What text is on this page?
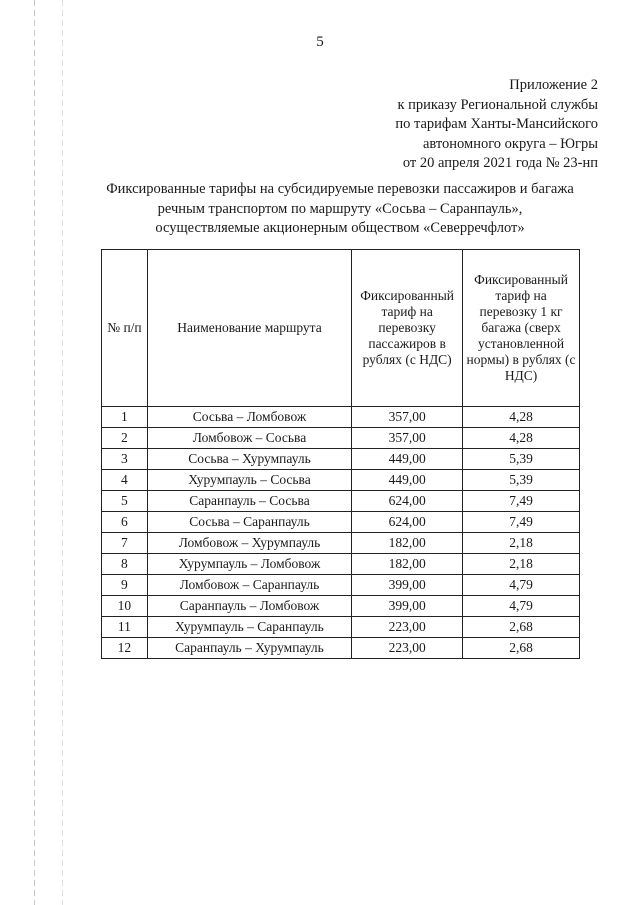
5
Приложение 2
к приказу Региональной службы
по тарифам Ханты-Мансийского
автономного округа – Югры
от 20 апреля 2021 года № 23-нп
Фиксированные тарифы на субсидируемые перевозки пассажиров и багажа
речным транспортом по маршруту «Сосьва – Саранпауль»,
осуществляемые акционерным обществом «Северречфлот»
№ п/п	Наименование маршрута	Фиксированный тариф на перевозку пассажиров в рублях (с НДС)	Фиксированный тариф на перевозку 1 кг багажа (сверх установленной нормы) в рублях (с НДС)
1	Сосьва – Ломбовож	357,00	4,28
2	Ломбовож – Сосьва	357,00	4,28
3	Сосьва – Хурумпауль	449,00	5,39
4	Хурумпауль – Сосьва	449,00	5,39
5	Саранпауль – Сосьва	624,00	7,49
6	Сосьва – Саранпауль	624,00	7,49
7	Ломбовож – Хурумпауль	182,00	2,18
8	Хурумпауль – Ломбовож	182,00	2,18
9	Ломбовож – Саранпауль	399,00	4,79
10	Саранпауль – Ломбовож	399,00	4,79
11	Хурумпауль – Саранпауль	223,00	2,68
12	Саранпауль – Хурумпауль	223,00	2,68
